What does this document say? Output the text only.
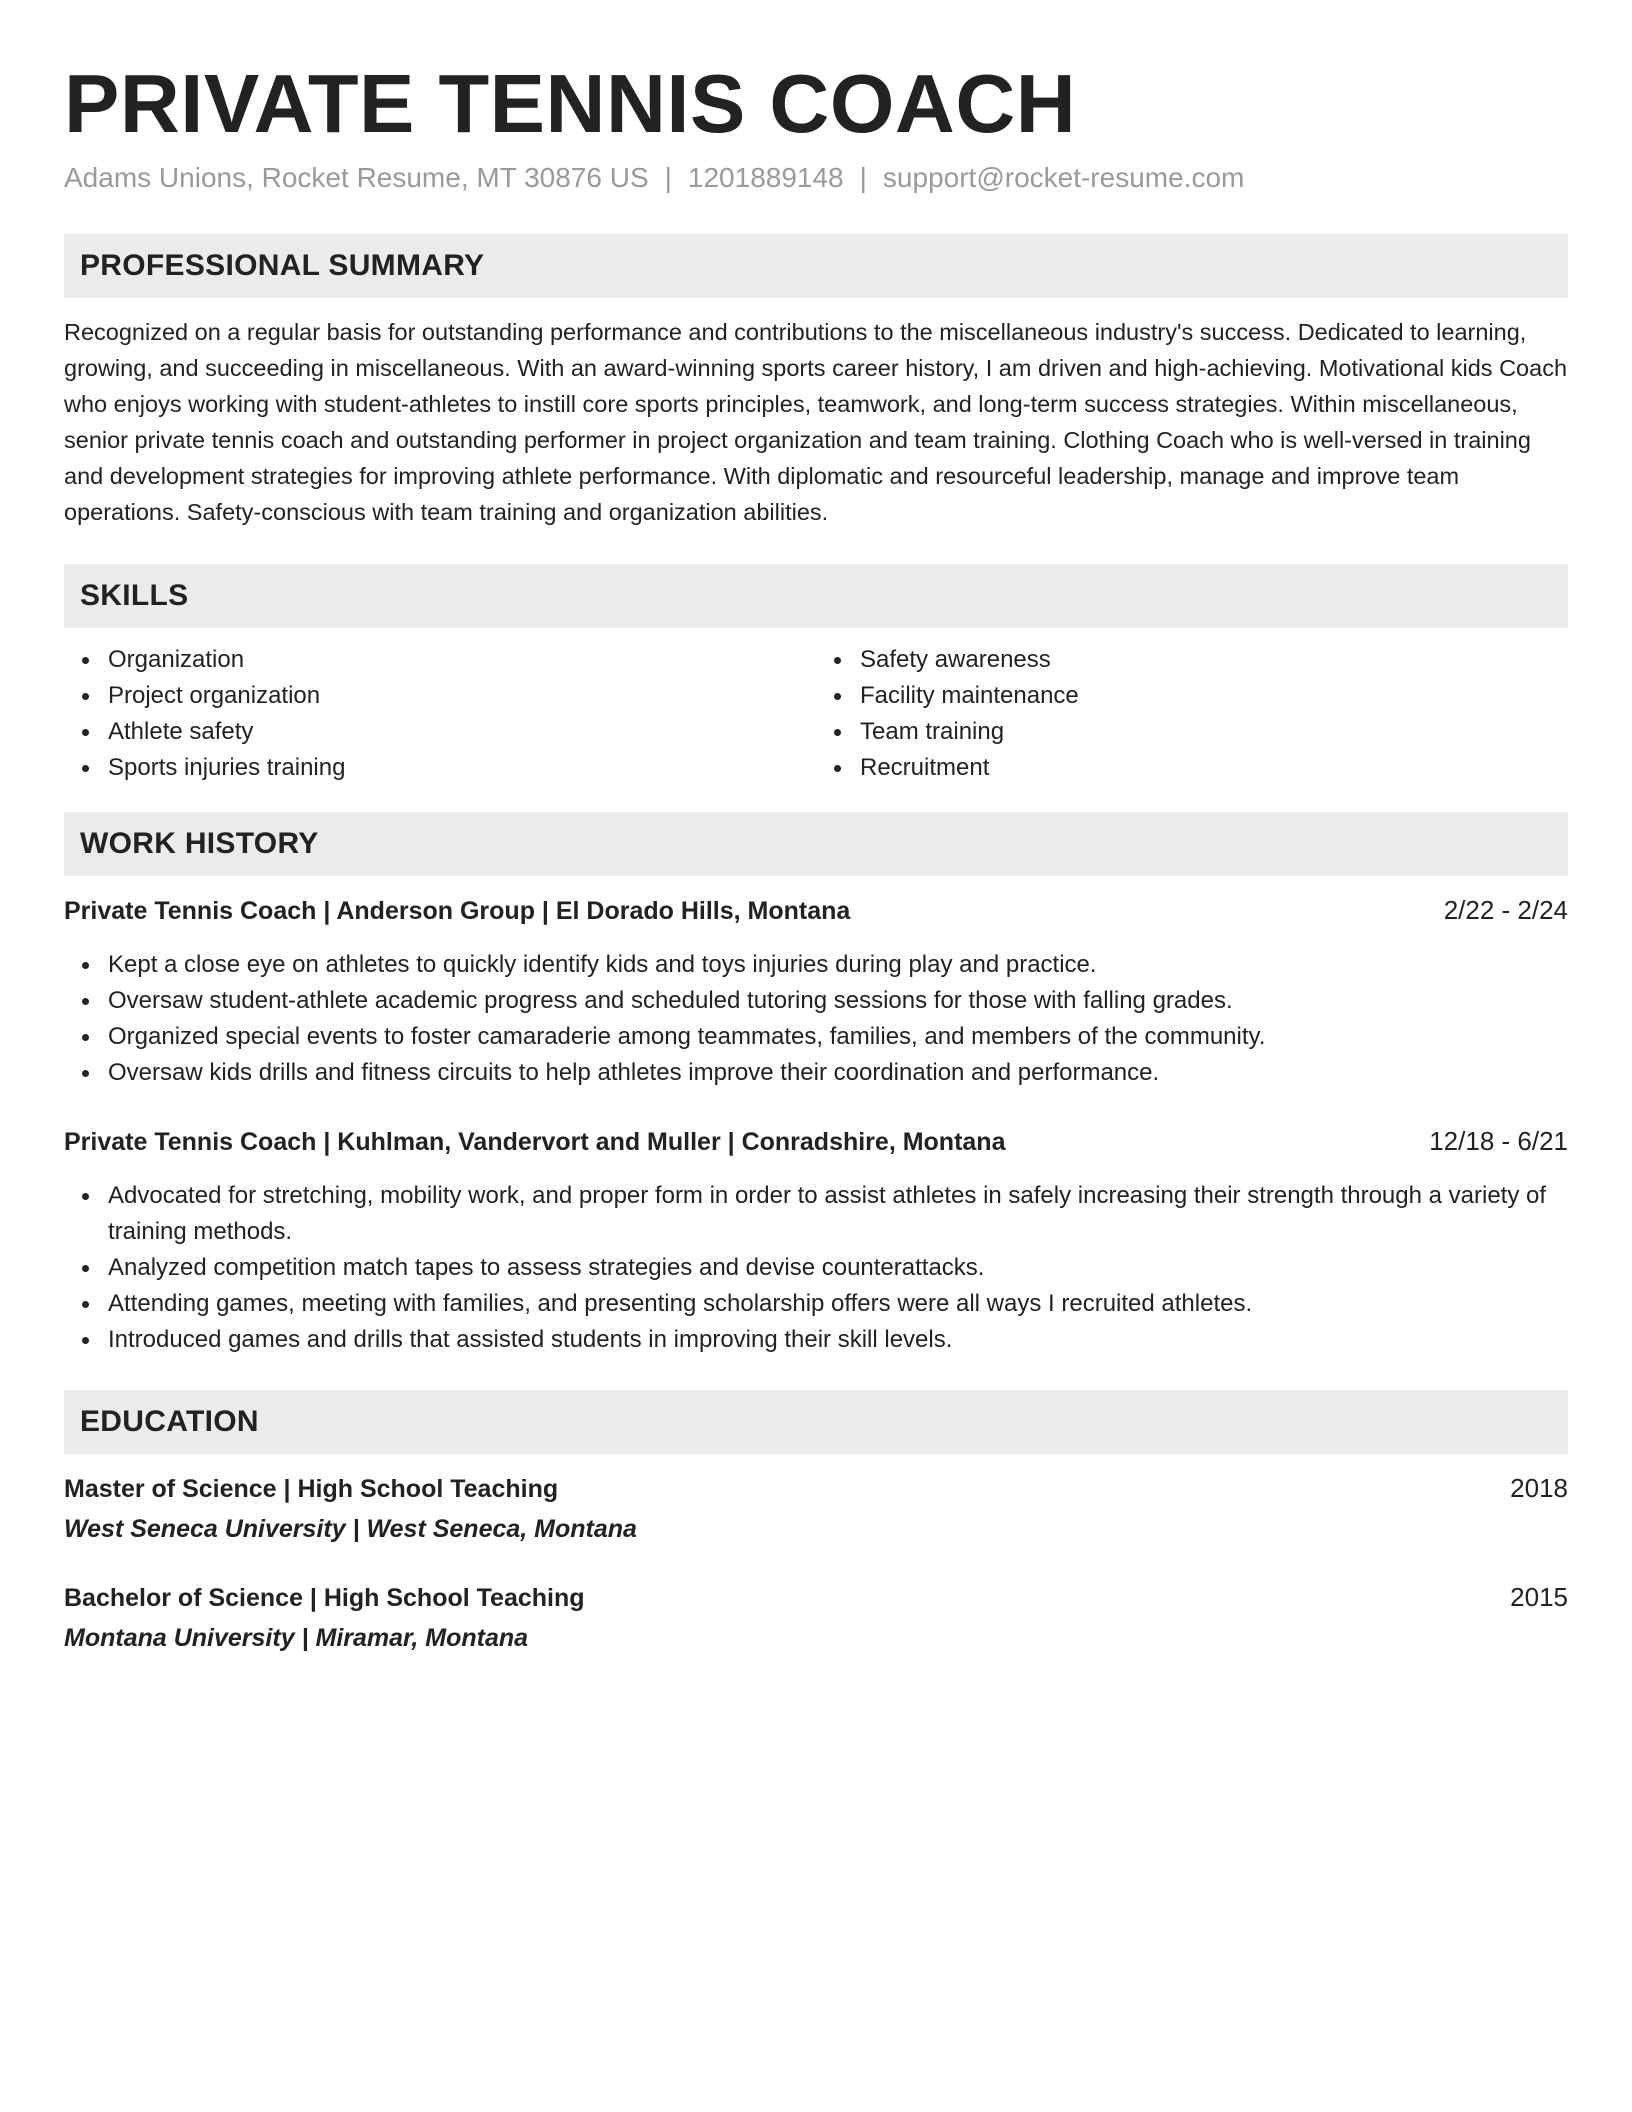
PRIVATE TENNIS COACH
Adams Unions, Rocket Resume, MT 30876 US | 1201889148 | support@rocket-resume.com
PROFESSIONAL SUMMARY

Recognized on a regular basis for outstanding performance and contributions to the miscellaneous industry's success. Dedicated to learning, growing, and succeeding in miscellaneous. With an award-winning sports career history, I am driven and high-achieving. Motivational kids Coach who enjoys working with student-athletes to instill core sports principles, teamwork, and long-term success strategies. Within miscellaneous, senior private tennis coach and outstanding performer in project organization and team training. Clothing Coach who is well-versed in training and development strategies for improving athlete performance. With diplomatic and resourceful leadership, manage and improve team operations. Safety-conscious with team training and organization abilities.

SKILLS
Organization
Project organization
Athlete safety
Sports injuries training
Safety awareness
Facility maintenance
Team training
Recruitment
WORK HISTORY
Private Tennis Coach | Anderson Group | El Dorado Hills, Montana	2/22 - 2/24
Kept a close eye on athletes to quickly identify kids and toys injuries during play and practice.
Oversaw student-athlete academic progress and scheduled tutoring sessions for those with falling grades.
Organized special events to foster camaraderie among teammates, families, and members of the community.
Oversaw kids drills and fitness circuits to help athletes improve their coordination and performance.
Private Tennis Coach | Kuhlman, Vandervort and Muller | Conradshire, Montana	12/18 - 6/21
Advocated for stretching, mobility work, and proper form in order to assist athletes in safely increasing their strength through a variety of training methods.
Analyzed competition match tapes to assess strategies and devise counterattacks.
Attending games, meeting with families, and presenting scholarship offers were all ways I recruited athletes.
Introduced games and drills that assisted students in improving their skill levels.
EDUCATION
Master of Science | High School Teaching	2018
West Seneca University | West Seneca, Montana
Bachelor of Science | High School Teaching	2015
Montana University | Miramar, Montana
